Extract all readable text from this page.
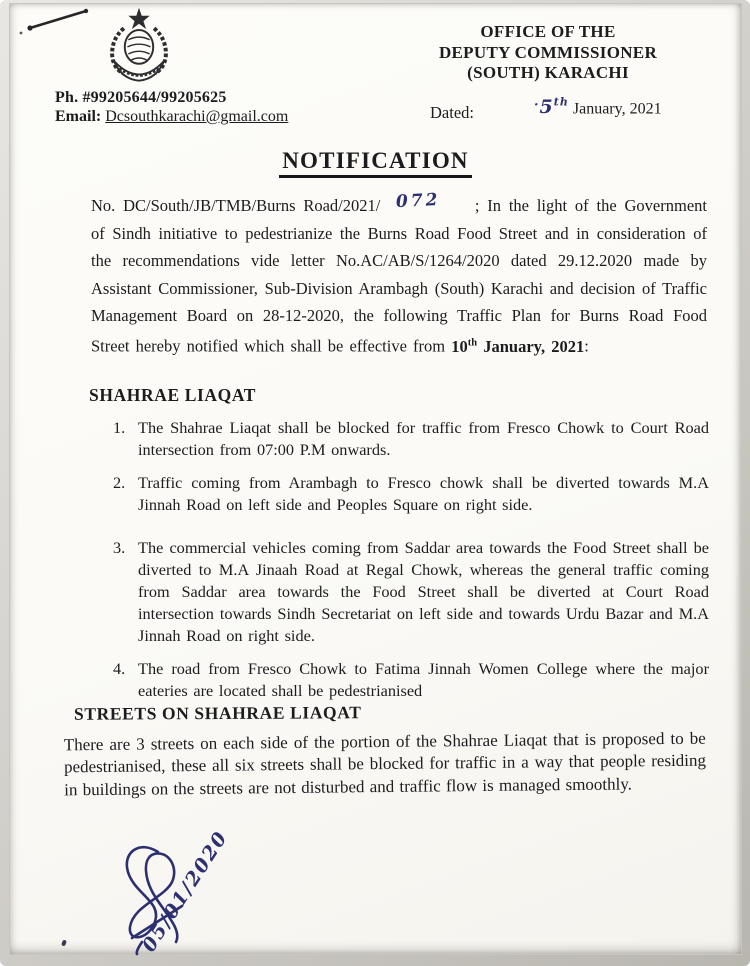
OFFICE OF THE
DEPUTY COMMISSIONER
(SOUTH) KARACHI
Ph. #99205644/99205625
Email: Dcsouthkarachi@gmail.com	Dated:	·5th January, 2021
NOTIFICATION

No. DC/South/JB/TMB/Burns Road/2021/ 072 ; In the light of the Government of Sindh initiative to pedestrianize the Burns Road Food Street and in consideration of the recommendations vide letter No.AC/AB/S/1264/2020 dated 29.12.2020 made by Assistant Commissioner, Sub-Division Arambagh (South) Karachi and decision of Traffic Management Board on 28-12-2020, the following Traffic Plan for Burns Road Food Street hereby notified which shall be effective from 10th January, 2021:

SHAHRAE LIAQAT
1. The Shahrae Liaqat shall be blocked for traffic from Fresco Chowk to Court Road intersection from 07:00 P.M onwards.
2. Traffic coming from Arambagh to Fresco chowk shall be diverted towards M.A Jinnah Road on left side and Peoples Square on right side.
3. The commercial vehicles coming from Saddar area towards the Food Street shall be diverted to M.A Jinaah Road at Regal Chowk, whereas the general traffic coming from Saddar area towards the Food Street shall be diverted at Court Road intersection towards Sindh Secretariat on left side and towards Urdu Bazar and M.A Jinnah Road on right side.
4. The road from Fresco Chowk to Fatima Jinnah Women College where the major eateries are located shall be pedestrianised
STREETS ON SHAHRAE LIAQAT

There are 3 streets on each side of the portion of the Shahrae Liaqat that is proposed to be pedestrianised, these all six streets shall be blocked for traffic in a way that people residing in buildings on the streets are not disturbed and traffic flow is managed smoothly.

05/01/2020
